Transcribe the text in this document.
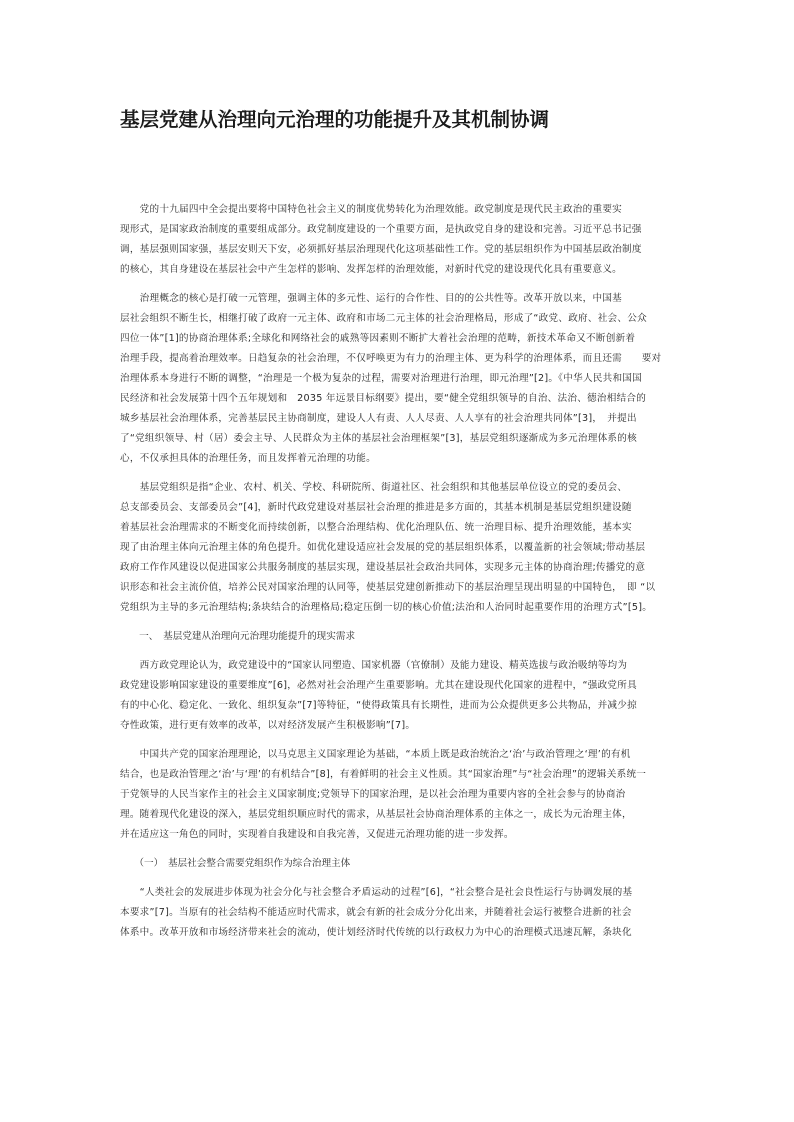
基层党建从治理向元治理的功能提升及其机制协调
　　党的十九届四中全会提出要将中国特色社会主义的制度优势转化为治理效能。政党制度是现代民主政治的重要实
现形式，是国家政治制度的重要组成部分。政党制度建设的一个重要方面，是执政党自身的建设和完善。习近平总书记强
调，基层强则国家强，基层安则天下安，必须抓好基层治理现代化这项基础性工作。党的基层组织作为中国基层政治制度
的核心，其自身建设在基层社会中产生怎样的影响、发挥怎样的治理效能，对新时代党的建设现代化具有重要意义。
　　治理概念的核心是打破一元管理，强调主体的多元性、运行的合作性、目的的公共性等。改革开放以来，中国基
层社会组织不断生长，相继打破了政府一元主体、政府和市场二元主体的社会治理格局，形成了“政党、政府、社会、公众
四位一体”[1]的协商治理体系;全球化和网络社会的戚熟等因素则不断扩大着社会治理的范畴，新技术革命又不断创新着
治理手段，提高着治理效率。日趋复杂的社会治理，不仅呼唤更为有力的治理主体、更为科学的治理体系，而且还需　　要对
治理体系本身进行不断的调整，“治理是一个极为复杂的过程，需要对治理进行治理，即元治理”[2]。《中华人民共和国国
民经济和社会发展第十四个五年规划和　2035 年远景目标纲要》提出，要“健全党组织领导的自治、法治、德治相结合的
城乡基层社会治理体系，完善基层民主协商制度，建设人人有责、人人尽责、人人享有的社会治理共同体”[3]，　并提出
了“党组织领导、村（居）委会主导、人民群众为主体的基层社会治理框架”[3]，基层党组织逐渐成为多元治理体系的核
心，不仅承担具体的治理任务，而且发挥着元治理的功能。
　　基层党组织是指“企业、农村、机关、学校、科研院所、街道社区、社会组织和其他基层单位设立的党的委员会、
总支部委员会、支部委员会”[4]，新时代政党建设对基层社会治理的推进是多方面的，其基本机制是基层党组织建设随
着基层社会治理需求的不断变化而持续创新，以整合治理结构、优化治理队伍、统一治理目标、提升治理效能，基本实
现了由治理主体向元治理主体的角色提升。如优化建设适应社会发展的党的基层组织体系，以覆盖新的社会领域;带动基层
政府工作作风建设以促进国家公共服务制度的基层实现，建设基层社会政治共同体，实现多元主体的协商治理;传播党的意
识形态和社会主流价值，培养公民对国家治理的认同等，使基层党建创新推动下的基层治理呈现出明显的中国特色，　即 “以
党组织为主导的多元治理结构;条块结合的治理格局;稳定压倒一切的核心价值;法治和人治同时起重要作用的治理方式”[5]。
　　一、　基层党建从治理向元治理功能提升的现实需求
　　西方政党理论认为，政党建设中的“国家认同塑造、国家机器（官僚制）及能力建设、精英选拔与政治吸纳等均为
政党建设影响国家建设的重要维度”[6]，必然对社会治理产生重要影响。尤其在建设现代化国家的进程中，“强政党所具
有的中心化、稳定化、一致化、组织复杂”[7]等特征，“使得政策具有长期性，进而为公众提供更多公共物品，并减少掠
夺性政策，进行更有效率的改革，以对经济发展产生积极影响”[7]。
　　中国共产党的国家治理理论，以马克思主义国家理论为基础，“本质上既是政治统治之‘治’与政治管理之‘理’的有机
结合，也是政治管理之‘治’与‘理’的有机结合”[8]，有着鲜明的社会主义性质。其“国家治理”与“社会治理”的逻辑关系统一
于党领导的人民当家作主的社会主义国家制度;党领导下的国家治理，是以社会治理为重要内容的全社会参与的协商治
理。随着现代化建设的深入，基层党组织顺应时代的需求，从基层社会协商治理体系的主体之一，成长为元治理主体，
并在适应这一角色的同时，实现着自我建设和自我完善，又促进元治理功能的进一步发挥。
　　（一）　基层社会整合需要党组织作为综合治理主体
　　“人类社会的发展进步体现为社会分化与社会整合矛盾运动的过程”[6]，“社会整合是社会良性运行与协调发展的基
本要求”[7]。当原有的社会结构不能适应时代需求，就会有新的社会成分分化出来，并随着社会运行被整合进新的社会
体系中。改革开放和市场经济带来社会的流动，使计划经济时代传统的以行政权力为中心的治理模式迅速瓦解，条块化
